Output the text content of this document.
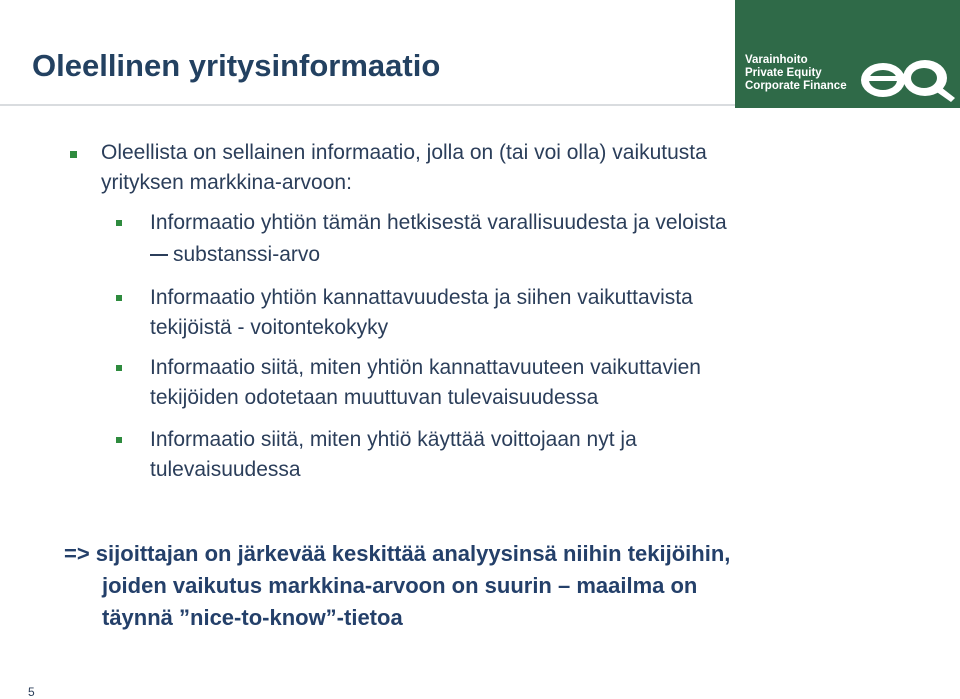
Oleellinen yritysinformaatio	Varainhoito
Private Equity
Corporate Finance
Oleellista on sellainen informaatio, jolla on (tai voi olla) vaikutusta
yrityksen markkina-arvoon:
Informaatio yhtiön tämän hetkisestä varallisuudesta ja veloista
substanssi-arvo
Informaatio yhtiön kannattavuudesta ja siihen vaikuttavista
tekijöistä - voitontekokyky
Informaatio siitä, miten yhtiön kannattavuuteen vaikuttavien
tekijöiden odotetaan muuttuvan tulevaisuudessa
Informaatio siitä, miten yhtiö käyttää voittojaan nyt ja
tulevaisuudessa
=> sijoittajan on järkevää keskittää analyysinsä niihin tekijöihin,
joiden vaikutus markkina-arvoon on suurin – maailma on
täynnä ”nice-to-know”-tietoa
5
